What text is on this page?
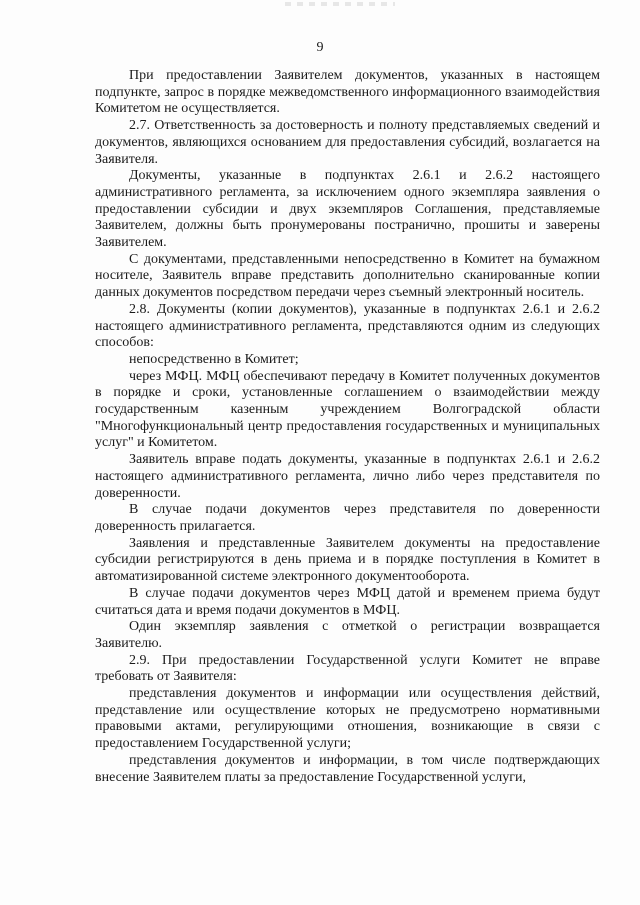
9

При предоставлении Заявителем документов, указанных в настоящем подпункте, запрос в порядке межведомственного информационного взаимодействия Комитетом не осуществляется.

2.7. Ответственность за достоверность и полноту представляемых сведений и документов, являющихся основанием для предоставления субсидий, возлагается на Заявителя.

Документы, указанные в подпунктах 2.6.1 и 2.6.2 настоящего административного регламента, за исключением одного экземпляра заявления о предоставлении субсидии и двух экземпляров Соглашения, представляемые Заявителем, должны быть пронумерованы постранично, прошиты и заверены Заявителем.

С документами, представленными непосредственно в Комитет на бумажном носителе, Заявитель вправе представить дополнительно сканированные копии данных документов посредством передачи через съемный электронный носитель.

2.8. Документы (копии документов), указанные в подпунктах 2.6.1 и 2.6.2 настоящего административного регламента, представляются одним из следующих способов:

непосредственно в Комитет;

через МФЦ. МФЦ обеспечивают передачу в Комитет полученных документов в порядке и сроки, установленные соглашением о взаимодействии между государственным казенным учреждением Волгоградской области "Многофункциональный центр предоставления государственных и муниципальных услуг" и Комитетом.

Заявитель вправе подать документы, указанные в подпунктах 2.6.1 и 2.6.2 настоящего административного регламента, лично либо через представителя по доверенности.

В случае подачи документов через представителя по доверенности доверенность прилагается.

Заявления и представленные Заявителем документы на предоставление субсидии регистрируются в день приема и в порядке поступления в Комитет в автоматизированной системе электронного документооборота.

В случае подачи документов через МФЦ датой и временем приема будут считаться дата и время подачи документов в МФЦ.

Один экземпляр заявления с отметкой о регистрации возвращается Заявителю.

2.9. При предоставлении Государственной услуги Комитет не вправе требовать от Заявителя:

представления документов и информации или осуществления действий, представление или осуществление которых не предусмотрено нормативными правовыми актами, регулирующими отношения, возникающие в связи с предоставлением Государственной услуги;

представления документов и информации, в том числе подтверждающих внесение Заявителем платы за предоставление Государственной услуги,
